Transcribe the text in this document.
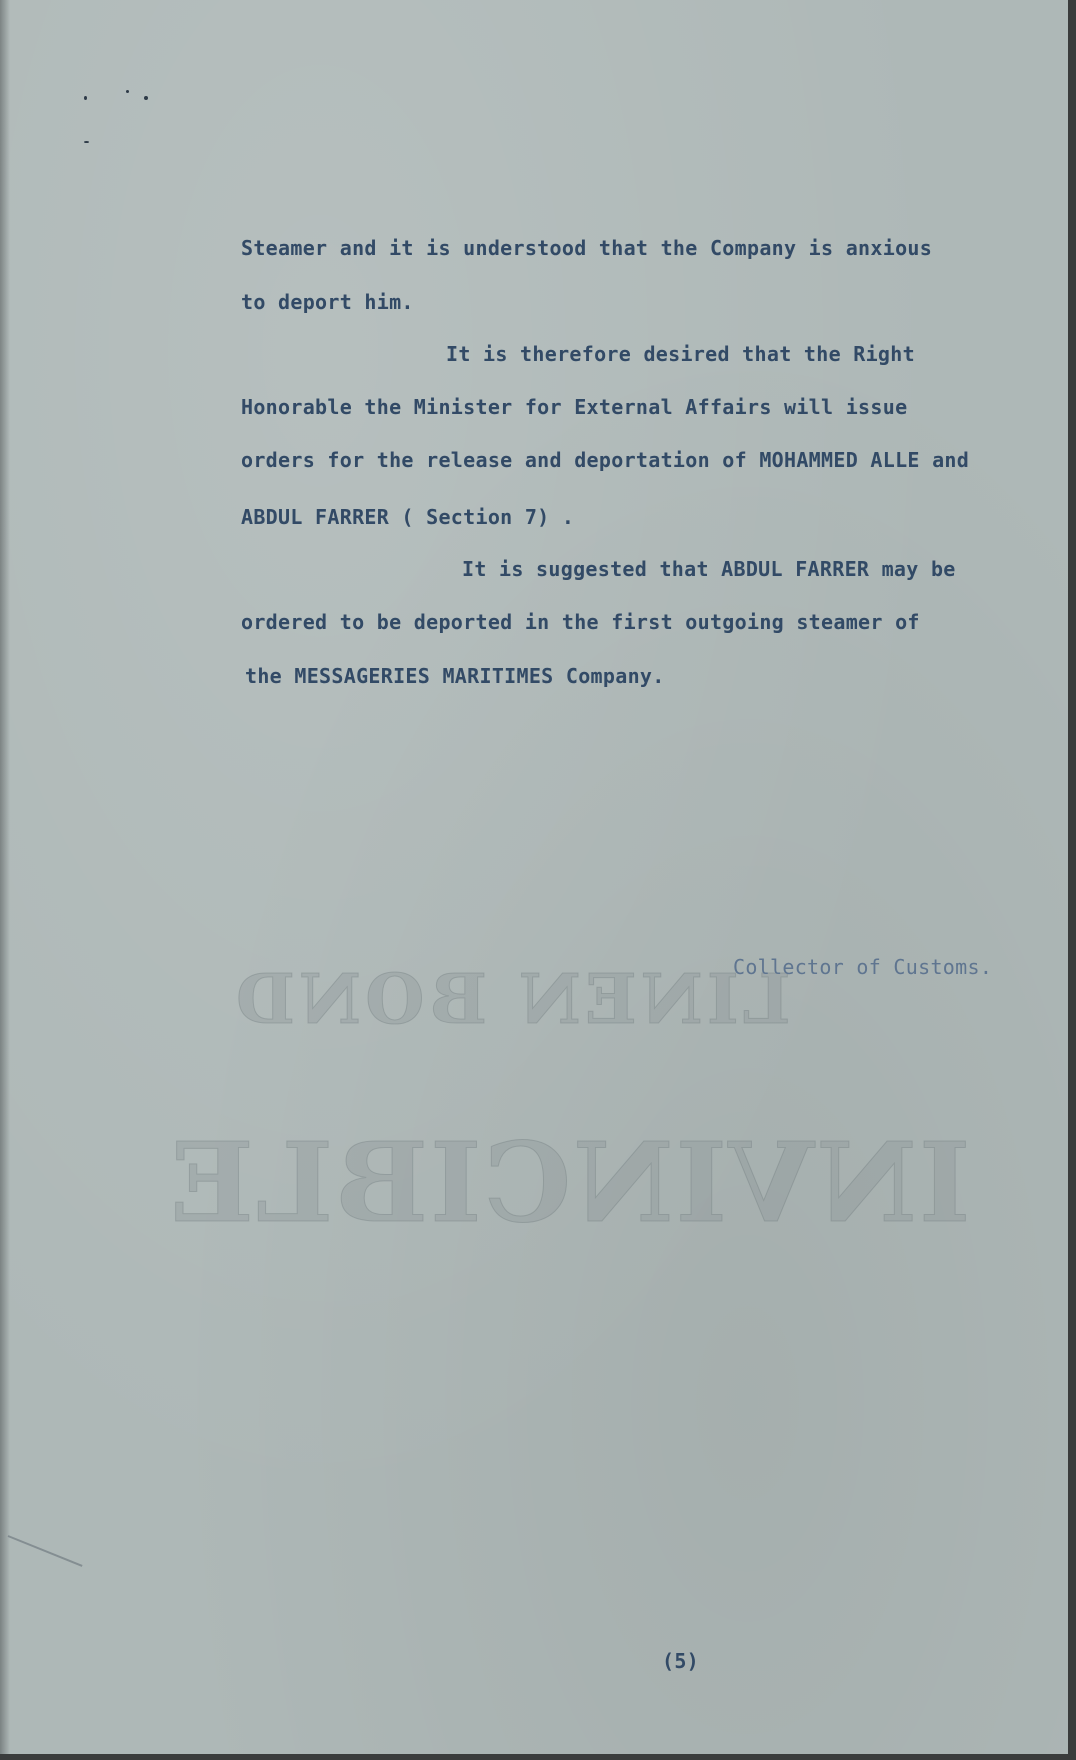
LINEN BOND
INVINCIBLE
Steamer and it is understood that the Company is anxious
to deport him.
It is therefore desired that the Right
Honorable the Minister for External Affairs will issue
orders for the release and deportation of MOHAMMED ALLE and
ABDUL FARRER ( Section 7) .
It is suggested that ABDUL FARRER may be
ordered to be deported in the first outgoing steamer of
the MESSAGERIES MARITIMES Company.
Collector of Customs.
(5)
